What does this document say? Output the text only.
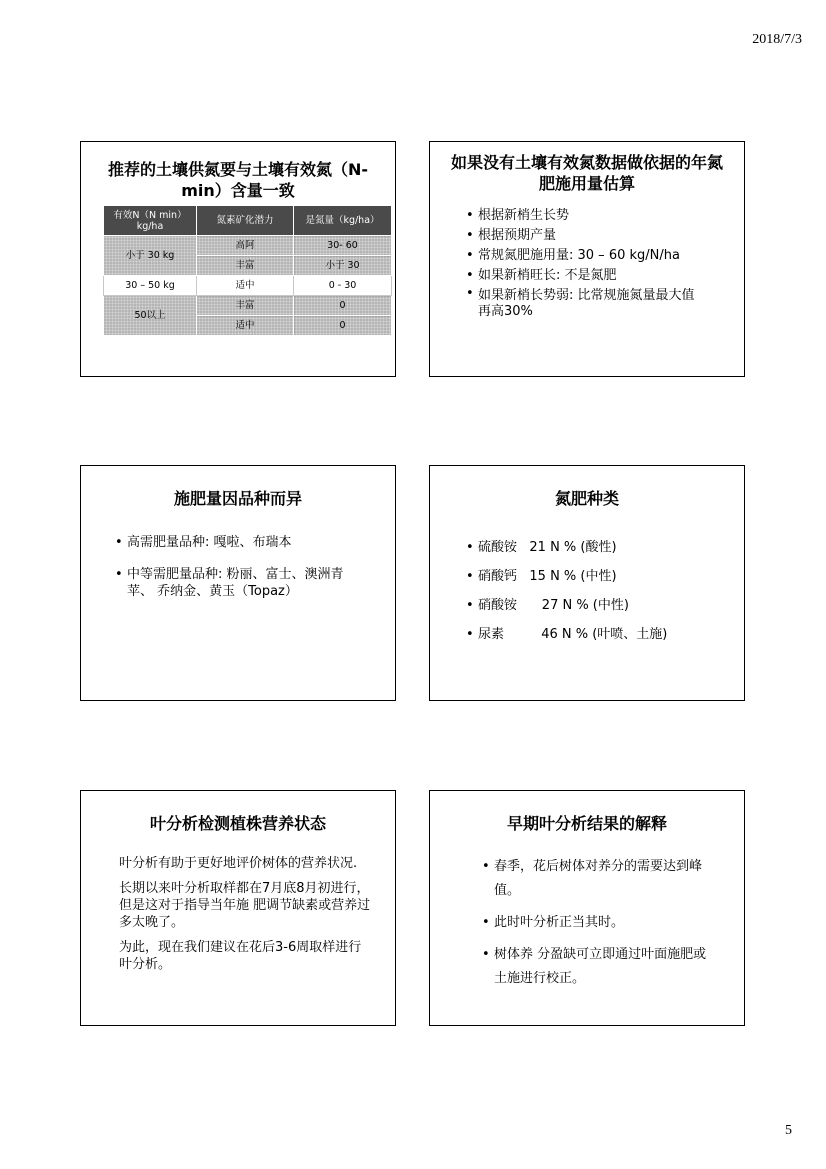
2018/7/3
推荐的土壤供氮要与土壤有效氮（N-min）含量一致
有效N（N min）kg/ha	氮素矿化潜力	是氮量（kg/ha）
小于 30 kg	高阿	30- 60
	丰富	小于 30
30 – 50 kg	适中	0 - 30
50以上	丰富	0
	适中	0
如果没有土壤有效氮数据做依据的年氮肥施用量估算
• 根据新梢生长势
• 根据预期产量
• 常规氮肥施用量: 30 – 60 kg/N/ha
• 如果新梢旺长: 不是氮肥
• 如果新梢长势弱: 比常规施氮量最大值再高30%
施肥量因品种而异
• 高需肥量品种: 嘎啦、布瑞本
• 中等需肥量品种: 粉丽、富士、澳洲青苹、 乔纳金、黄玉（Topaz）
氮肥种类
• 硫酸铵   21 N % (酸性)
• 硝酸钙   15 N % (中性)
• 硝酸铵      27 N % (中性)
• 尿素         46 N % (叶喷、土施)
叶分析检测植株营养状态

叶分析有助于更好地评价树体的营养状况.

长期以来叶分析取样都在7月底8月初进行，但是这对于指导当年施 肥调节缺素或营养过多太晚了。

为此，现在我们建议在花后3-6周取样进行叶分析。

早期叶分析结果的解释
• 春季，花后树体对养分的需要达到峰值。
• 此时叶分析正当其时。
• 树体养 分盈缺可立即通过叶面施肥或土施进行校正。
5
